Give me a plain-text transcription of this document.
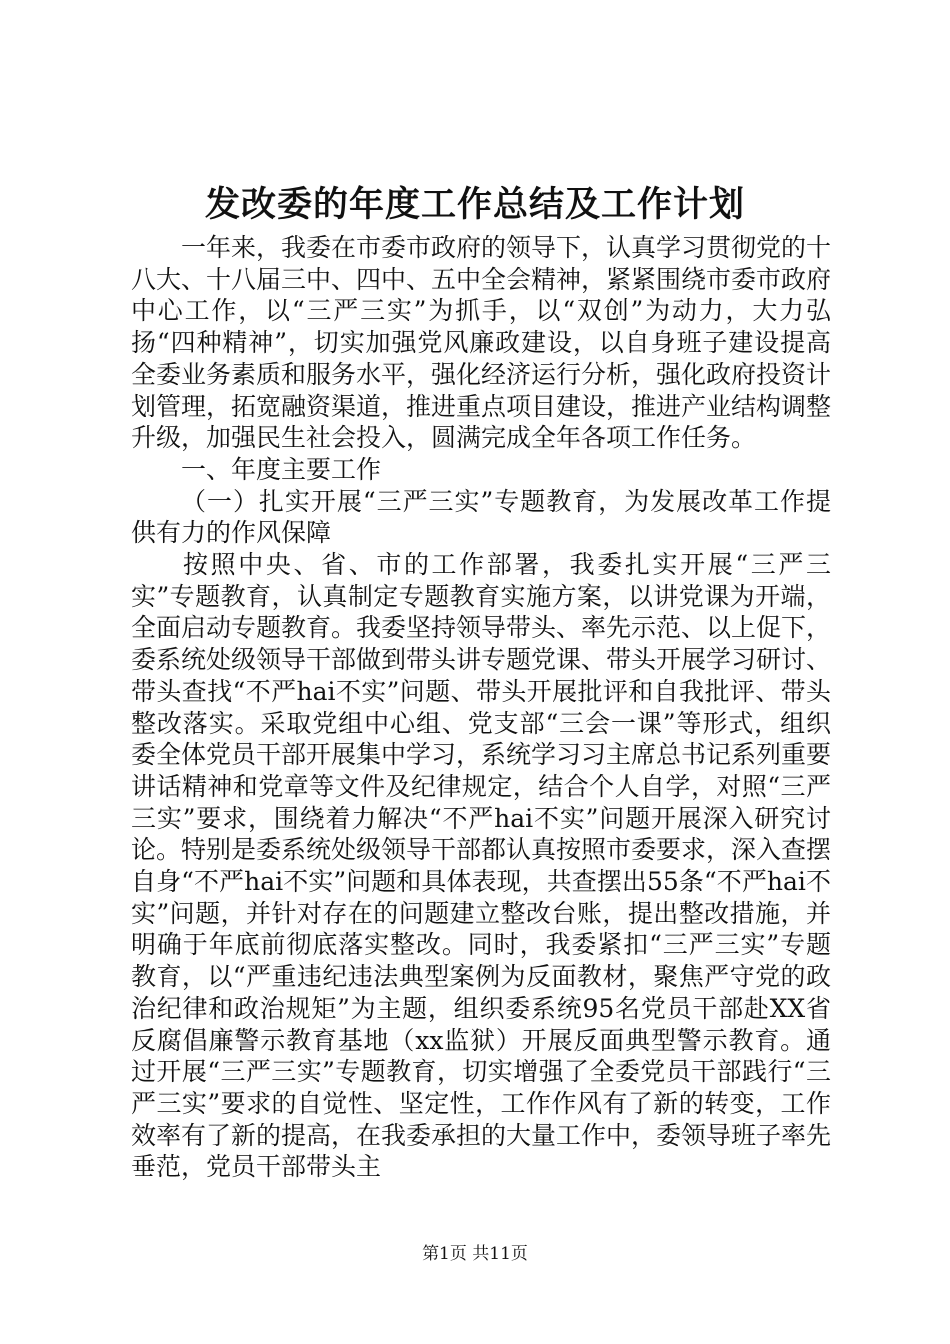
发改委的年度工作总结及工作计划

一年来，我委在市委市政府的领导下，认真学习贯彻党的十八大、十八届三中、四中、五中全会精神，紧紧围绕市委市政府中心工作，以“三严三实”为抓手，以“双创”为动力，大力弘扬“四种精神”，切实加强党风廉政建设，以自身班子建设提高全委业务素质和服务水平，强化经济运行分析，强化政府投资计划管理，拓宽融资渠道，推进重点项目建设，推进产业结构调整升级，加强民生社会投入，圆满完成全年各项工作任务。

一、年度主要工作

（一）扎实开展“三严三实”专题教育，为发展改革工作提供有力的作风保障

按照中央、省、市的工作部署，我委扎实开展“三严三实”专题教育，认真制定专题教育实施方案，以讲党课为开端，全面启动专题教育。我委坚持领导带头、率先示范、以上促下，委系统处级领导干部做到带头讲专题党课、带头开展学习研讨、带头查找“不严hai不实”问题、带头开展批评和自我批评、带头整改落实。采取党组中心组、党支部“三会一课”等形式，组织委全体党员干部开展集中学习，系统学习习主席总书记系列重要讲话精神和党章等文件及纪律规定，结合个人自学，对照“三严三实”要求，围绕着力解决“不严hai不实”问题开展深入研究讨论。特别是委系统处级领导干部都认真按照市委要求，深入查摆自身“不严hai不实”问题和具体表现，共查摆出55条“不严hai不实”问题，并针对存在的问题建立整改台账，提出整改措施，并明确于年底前彻底落实整改。同时，我委紧扣“三严三实”专题教育，以“严重违纪违法典型案例为反面教材，聚焦严守党的政治纪律和政治规矩”为主题，组织委系统95名党员干部赴XX省反腐倡廉警示教育基地（xx监狱）开展反面典型警示教育。通过开展“三严三实”专题教育，切实增强了全委党员干部践行“三严三实”要求的自觉性、坚定性，工作作风有了新的转变，工作效率有了新的提高，在我委承担的大量工作中，委领导班子率先垂范，党员干部带头主

第1页 共11页
